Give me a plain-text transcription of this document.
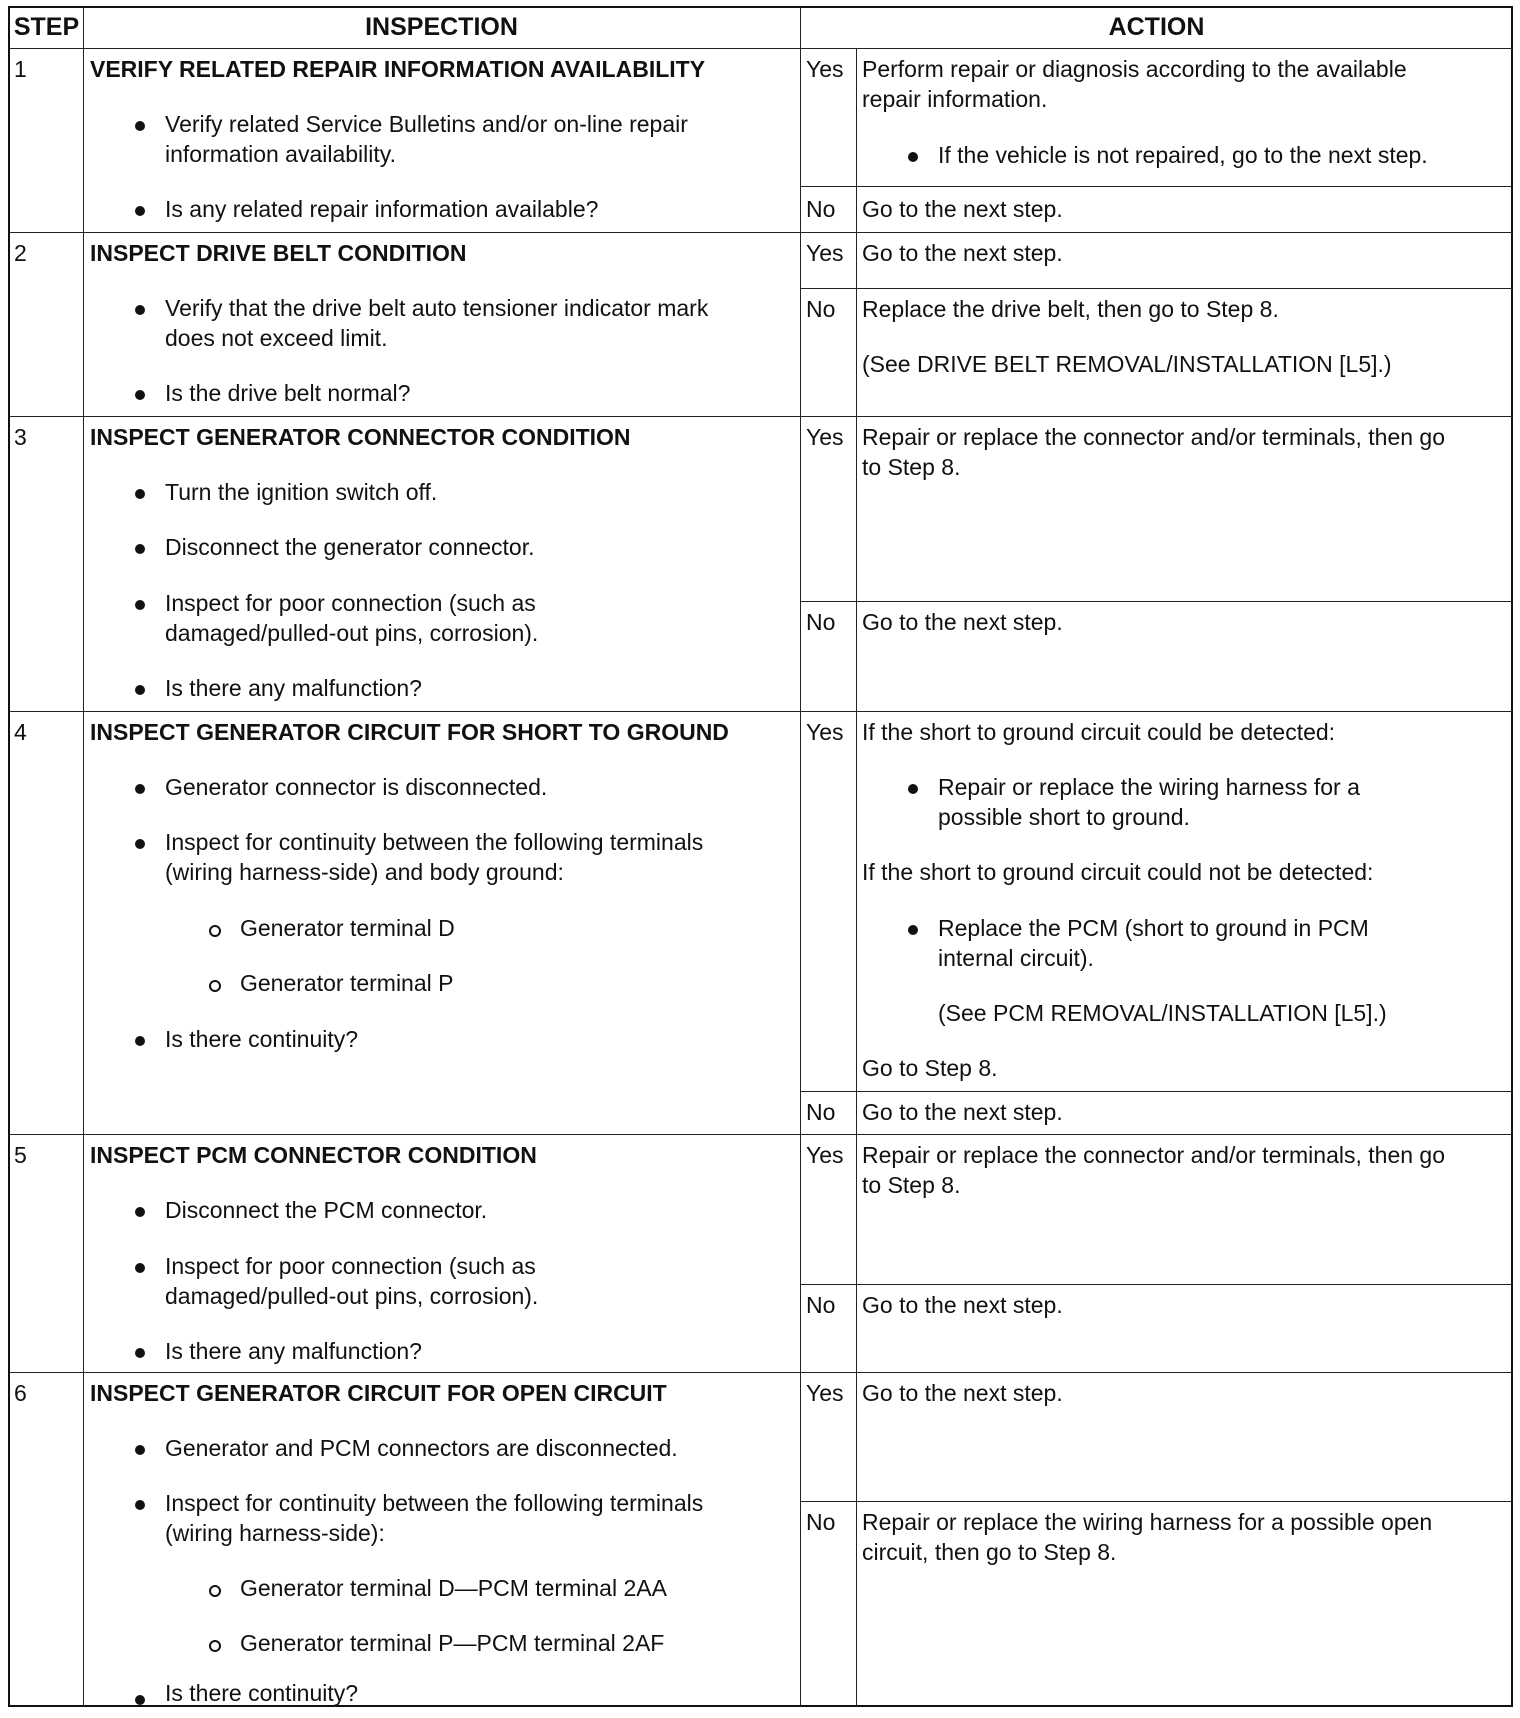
STEP	INSPECTION	ACTION
1	VERIFY RELATED REPAIR INFORMATION AVAILABILITY
Verify related Service Bulletins and/or on-line repair
information availability.
Is any related repair information available?
Yes Perform repair or diagnosis according to the available
repair information.
If the vehicle is not repaired, go to the next step.
No Go to the next step.
2	INSPECT DRIVE BELT CONDITION
Verify that the drive belt auto tensioner indicator mark
does not exceed limit.
Is the drive belt normal?
Yes Go to the next step.
No Replace the drive belt, then go to Step 8.
(See DRIVE BELT REMOVAL/INSTALLATION [L5].)
3	INSPECT GENERATOR CONNECTOR CONDITION
Turn the ignition switch off.
Disconnect the generator connector.
Inspect for poor connection (such as
damaged/pulled-out pins, corrosion).
Is there any malfunction?
Yes Repair or replace the connector and/or terminals, then go
to Step 8.
No Go to the next step.
4	INSPECT GENERATOR CIRCUIT FOR SHORT TO GROUND
Generator connector is disconnected.
Inspect for continuity between the following terminals
(wiring harness-side) and body ground:
Generator terminal D
Generator terminal P
Is there continuity?
Yes If the short to ground circuit could be detected:
Repair or replace the wiring harness for a
possible short to ground.
If the short to ground circuit could not be detected:
Replace the PCM (short to ground in PCM
internal circuit).
(See PCM REMOVAL/INSTALLATION [L5].)
Go to Step 8.
No Go to the next step.
5	INSPECT PCM CONNECTOR CONDITION
Disconnect the PCM connector.
Inspect for poor connection (such as
damaged/pulled-out pins, corrosion).
Is there any malfunction?
Yes Repair or replace the connector and/or terminals, then go
to Step 8.
No Go to the next step.
6	INSPECT GENERATOR CIRCUIT FOR OPEN CIRCUIT
Generator and PCM connectors are disconnected.
Inspect for continuity between the following terminals
(wiring harness-side):
Generator terminal D—PCM terminal 2AA
Generator terminal P—PCM terminal 2AF
Is there continuity?
Yes Go to the next step.
No Repair or replace the wiring harness for a possible open
circuit, then go to Step 8.
